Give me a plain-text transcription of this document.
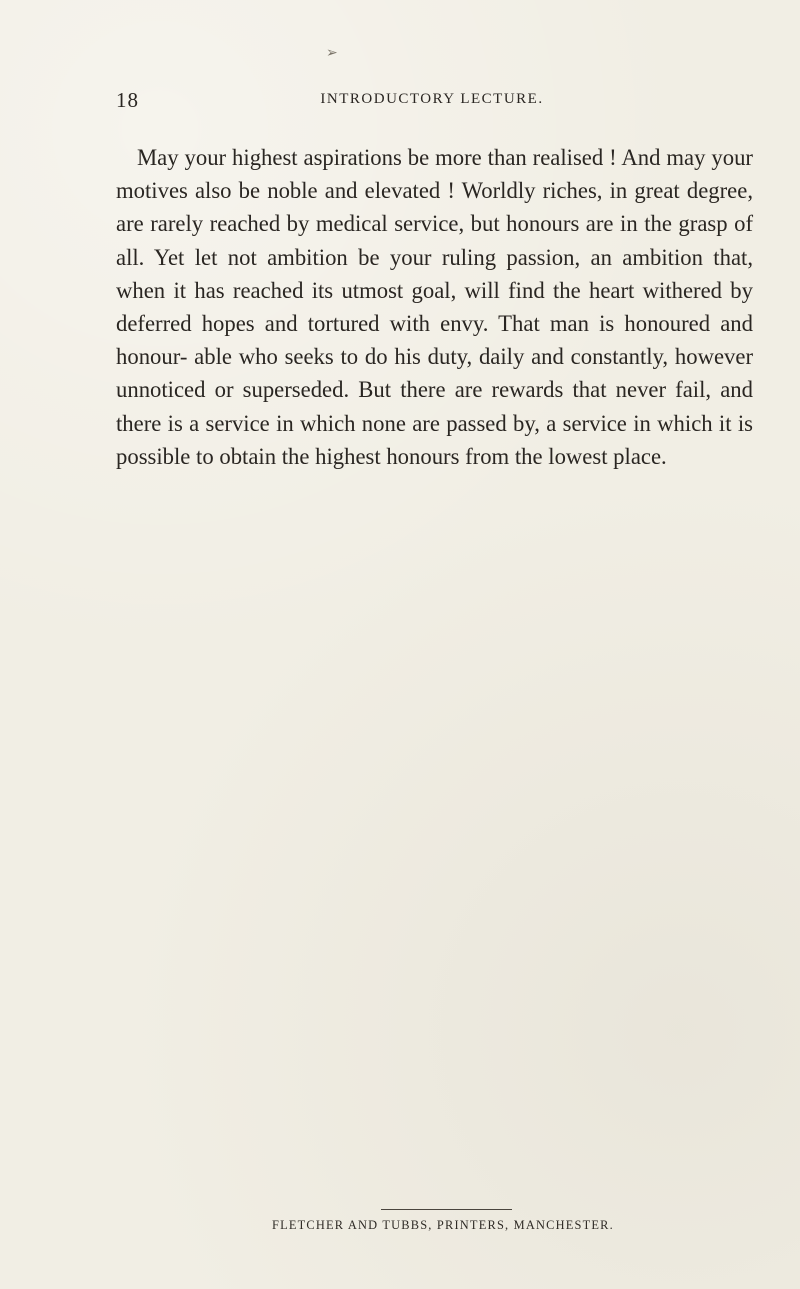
➢
18	INTRODUCTORY LECTURE.

May your highest aspirations be more than realised ! And may your motives also be noble and elevated ! Worldly riches, in great degree, are rarely reached by medical service, but honours are in the grasp of all. Yet let not ambition be your ruling passion, an ambition that, when it has reached its utmost goal, will find the heart withered by deferred hopes and tortured with envy. That man is honoured and honour- able who seeks to do his duty, daily and constantly, however unnoticed or superseded. But there are rewards that never fail, and there is a service in which none are passed by, a service in which it is possible to obtain the highest honours from the lowest place.

FLETCHER AND TUBBS, PRINTERS, MANCHESTER.
